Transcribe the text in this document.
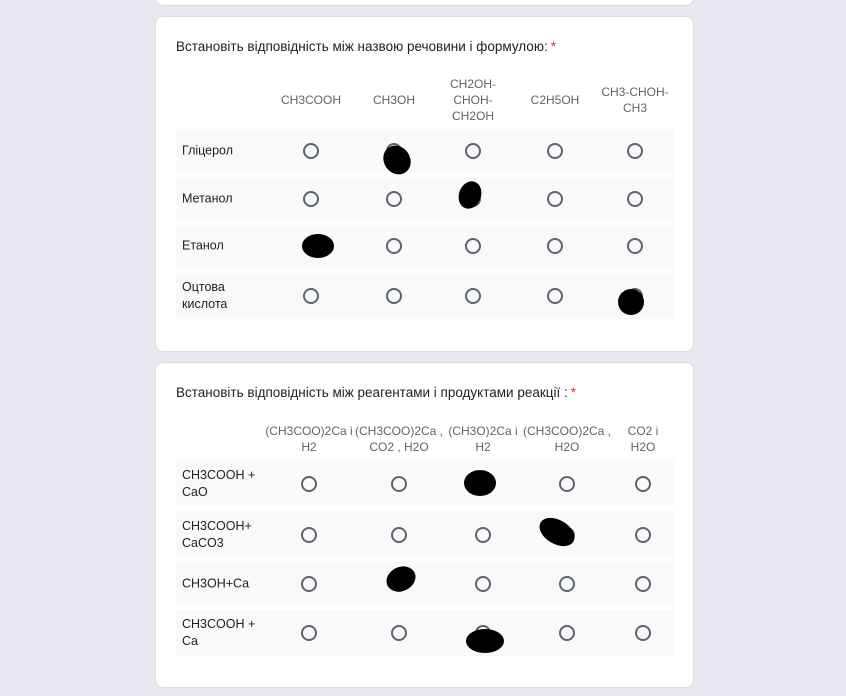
Встановіть відповідність між назвою речовини і формулою: *
CH3COOH	CH3OH
CH2OH-CHOH-CH2OH
C2H5OH
CH3-CHOH-CH3
Гліцерол
Метанол
Етанол
Оцтова кислота
Встановіть відповідність між реагентами і продуктами реакції : *
(CH3COO)2Ca i H2
(CH3COO)2Ca , CO2 , H2O
(CH3O)2Ca i H2
(CH3COO)2Ca , H2O
CO2 i H2O
CH3COOH + CaO
CH3COOH+ CaCO3
CH3OH+Ca
CH3COOH + Ca
